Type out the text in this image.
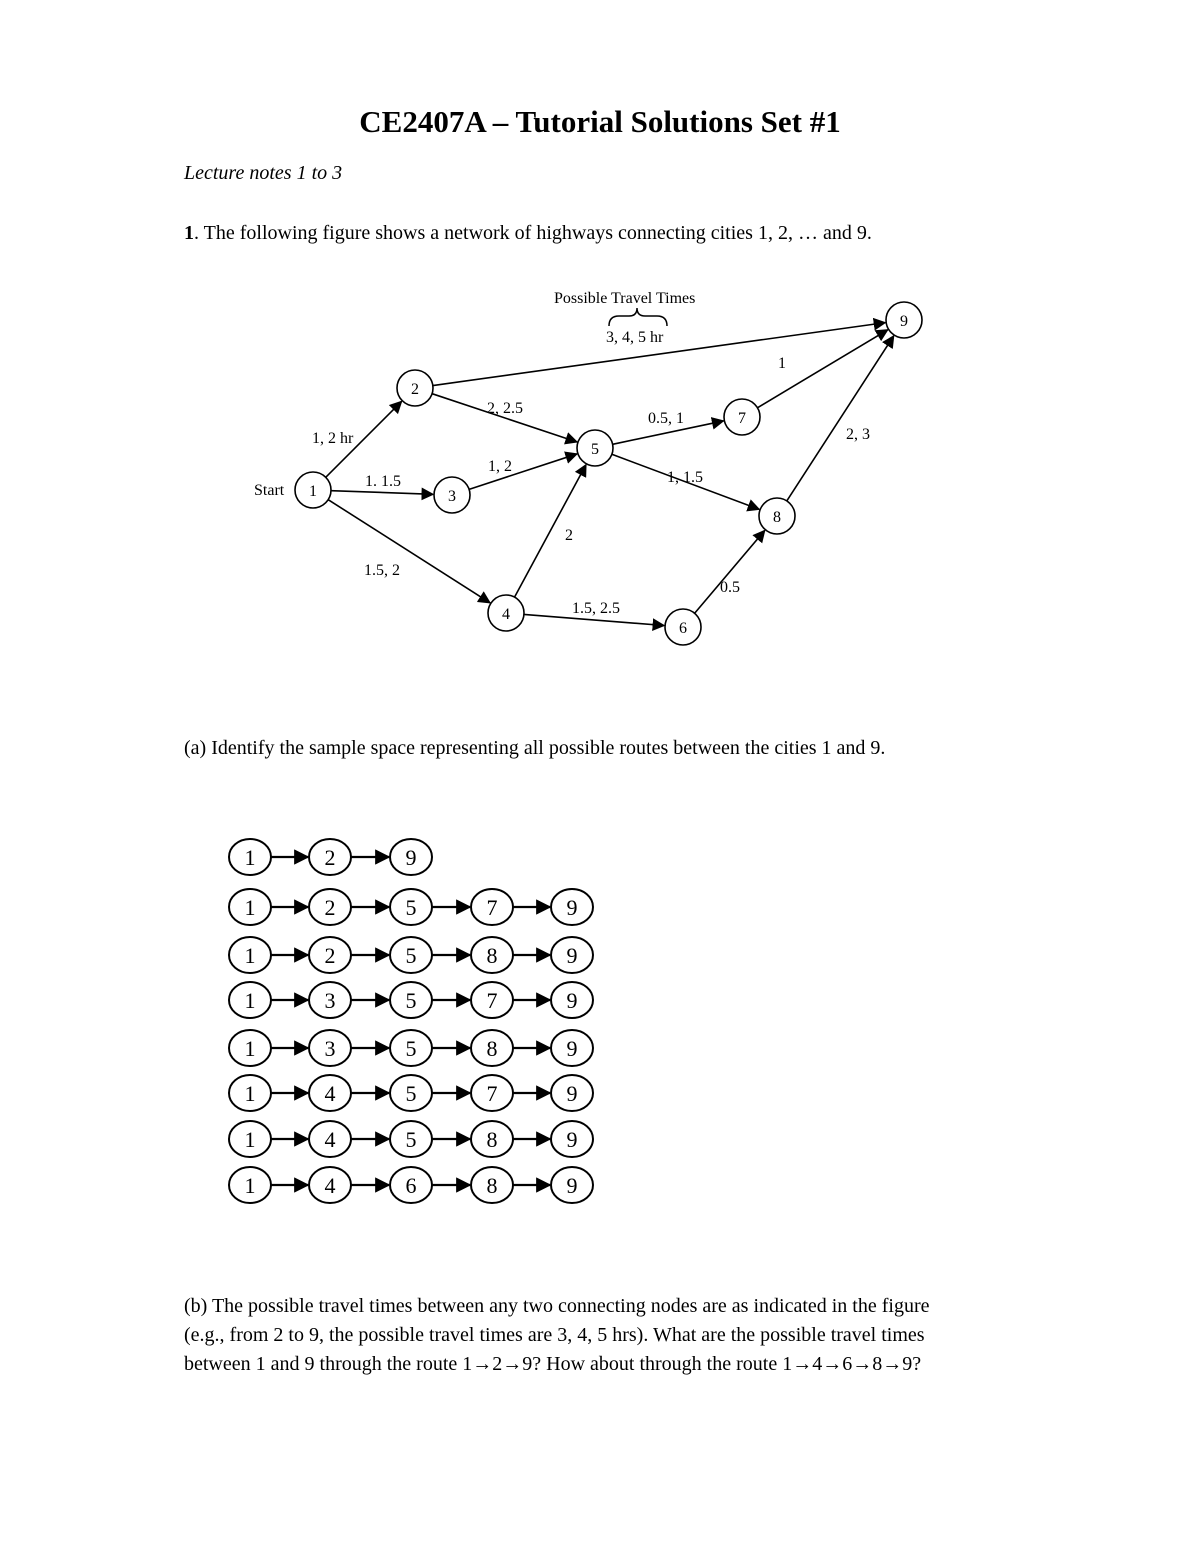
CE2407A – Tutorial Solutions Set #1
Lecture notes 1 to 3
1. The following figure shows a network of highways connecting cities 1, 2, … and 9.
1
2
3
4
5
6
7
8
9
1, 2 hr
1. 1.5
1.5, 2
3, 4, 5 hr
2, 2.5
1, 2
2
1.5, 2.5
0.5, 1
1, 1.5
1
0.5
2, 3
Start
Possible Travel Times
(a) Identify the sample space representing all possible routes between the cities 1 and 9.
1	2	9
1	2	5	7	9
1	2	5	8	9
1	3	5	7	9
1	3	5	8	9
1	4	5	7	9
1	4	5	8	9
1	4	6	8	9
(b) The possible travel times between any two connecting nodes are as indicated in the figure
(e.g., from 2 to 9, the possible travel times are 3, 4, 5 hrs). What are the possible travel times
between 1 and 9 through the route 1→2→9? How about through the route 1→4→6→8→9?
